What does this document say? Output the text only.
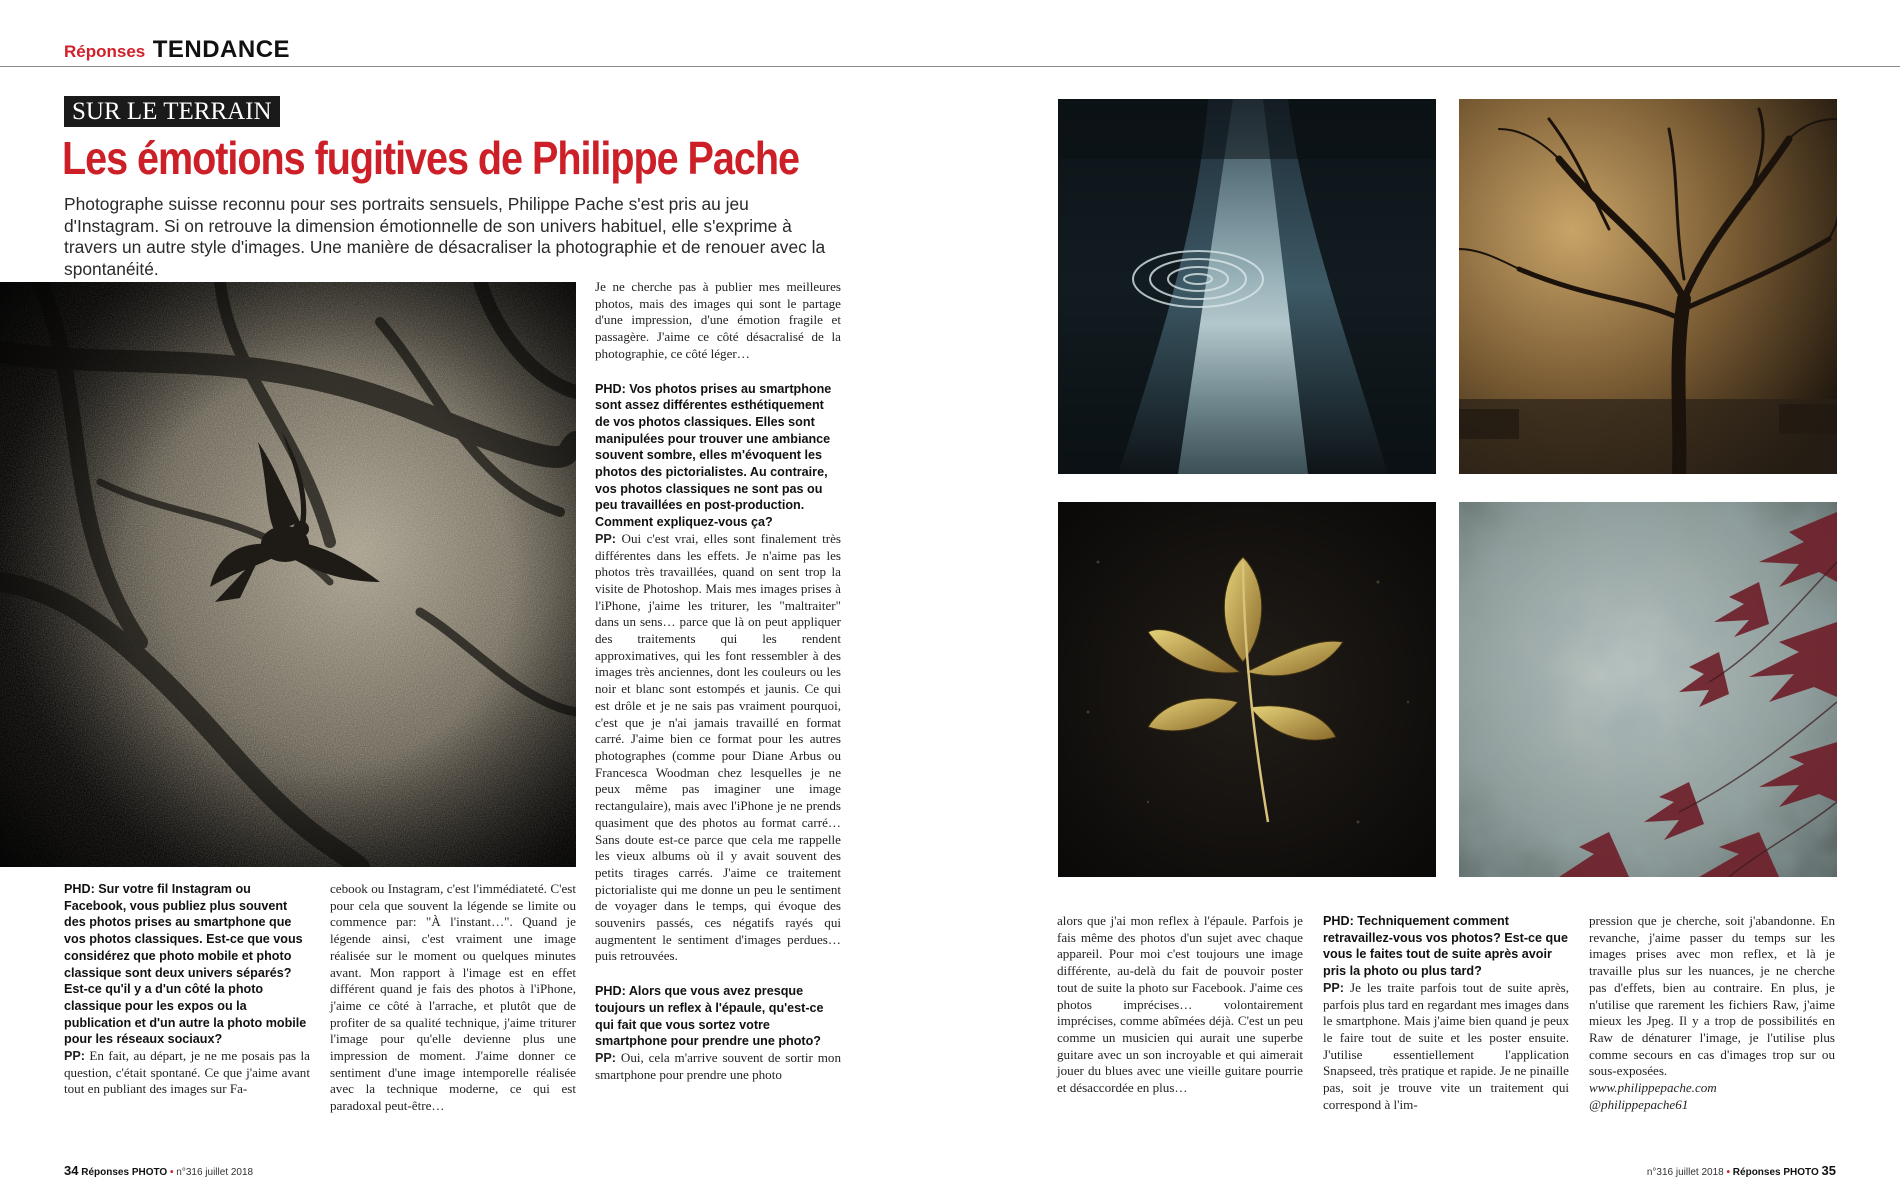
Réponses TENDANCE
SUR LE TERRAIN
Les émotions fugitives de Philippe Pache
Photographe suisse reconnu pour ses portraits sensuels, Philippe Pache s'est pris au jeu d'Instagram. Si on retrouve la dimension émotionnelle de son univers habituel, elle s'exprime à travers un autre style d'images. Une manière de désacraliser la photographie et de renouer avec la spontanéité.

PHD: Sur votre fil Instagram ou Facebook, vous publiez plus souvent des photos prises au smartphone que vos photos classiques. Est-ce que vous considérez que photo mobile et photo classique sont deux univers séparés? Est-ce qu'il y a d'un côté la photo classique pour les expos ou la publication et d'un autre la photo mobile pour les réseaux sociaux?

PP: En fait, au départ, je ne me posais pas la question, c'était spontané. Ce que j'aime avant tout en publiant des images sur Fa-

cebook ou Instagram, c'est l'immédiateté. C'est pour cela que souvent la légende se limite ou commence par: "À l'instant…". Quand je légende ainsi, c'est vraiment une image réalisée sur le moment ou quelques minutes avant. Mon rapport à l'image est en effet différent quand je fais des photos à l'iPhone, j'aime ce côté à l'arrache, et plutôt que de profiter de sa qualité technique, j'aime triturer l'image pour qu'elle devienne plus une impression de moment. J'aime donner ce sentiment d'une image intemporelle réalisée avec la technique moderne, ce qui est paradoxal peut-être…

Je ne cherche pas à publier mes meilleures photos, mais des images qui sont le partage d'une impression, d'une émotion fragile et passagère. J'aime ce côté désacralisé de la photographie, ce côté léger…

PHD: Vos photos prises au smartphone sont assez différentes esthétiquement de vos photos classiques. Elles sont manipulées pour trouver une ambiance souvent sombre, elles m'évoquent les photos des pictorialistes. Au contraire, vos photos classiques ne sont pas ou peu travaillées en post-production. Comment expliquez-vous ça?

PP: Oui c'est vrai, elles sont finalement très différentes dans les effets. Je n'aime pas les photos très travaillées, quand on sent trop la visite de Photoshop. Mais mes images prises à l'iPhone, j'aime les triturer, les "maltraiter" dans un sens… parce que là on peut appliquer des traitements qui les rendent approximatives, qui les font ressembler à des images très anciennes, dont les couleurs ou les noir et blanc sont estompés et jaunis. Ce qui est drôle et je ne sais pas vraiment pourquoi, c'est que je n'ai jamais travaillé en format carré. J'aime bien ce format pour les autres photographes (comme pour Diane Arbus ou Francesca Woodman chez lesquelles je ne peux même pas imaginer une image rectangulaire), mais avec l'iPhone je ne prends quasiment que des photos au format carré… Sans doute est-ce parce que cela me rappelle les vieux albums où il y avait souvent des petits tirages carrés. J'aime ce traitement pictorialiste qui me donne un peu le sentiment de voyager dans le temps, qui évoque des souvenirs passés, ces négatifs rayés qui augmentent le sentiment d'images perdues… puis retrouvées.

PHD: Alors que vous avez presque toujours un reflex à l'épaule, qu'est-ce qui fait que vous sortez votre smartphone pour prendre une photo?

PP: Oui, cela m'arrive souvent de sortir mon smartphone pour prendre une photo

alors que j'ai mon reflex à l'épaule. Parfois je fais même des photos d'un sujet avec chaque appareil. Pour moi c'est toujours une image différente, au-delà du fait de pouvoir poster tout de suite la photo sur Facebook. J'aime ces photos imprécises… volontairement imprécises, comme abîmées déjà. C'est un peu comme un musicien qui aurait une superbe guitare avec un son incroyable et qui aimerait jouer du blues avec une vieille guitare pourrie et désaccordée en plus…

PHD: Techniquement comment retravaillez-vous vos photos? Est-ce que vous le faites tout de suite après avoir pris la photo ou plus tard?

PP: Je les traite parfois tout de suite après, parfois plus tard en regardant mes images dans le smartphone. Mais j'aime bien quand je peux le faire tout de suite et les poster ensuite. J'utilise essentiellement l'application Snapseed, très pratique et rapide. Je ne pinaille pas, soit je trouve vite un traitement qui correspond à l'im-

pression que je cherche, soit j'abandonne. En revanche, j'aime passer du temps sur les images prises avec mon reflex, et là je travaille plus sur les nuances, je ne cherche pas d'effets, bien au contraire. En plus, je n'utilise que rarement les fichiers Raw, j'aime mieux les Jpeg. Il y a trop de possibilités en Raw de dénaturer l'image, je l'utilise plus comme secours en cas d'images trop sur ou sous-exposées.

www.philippepache.com

@philippepache61

34 Réponses PHOTO • n°316 juillet 2018	n°316 juillet 2018 • Réponses PHOTO 35
